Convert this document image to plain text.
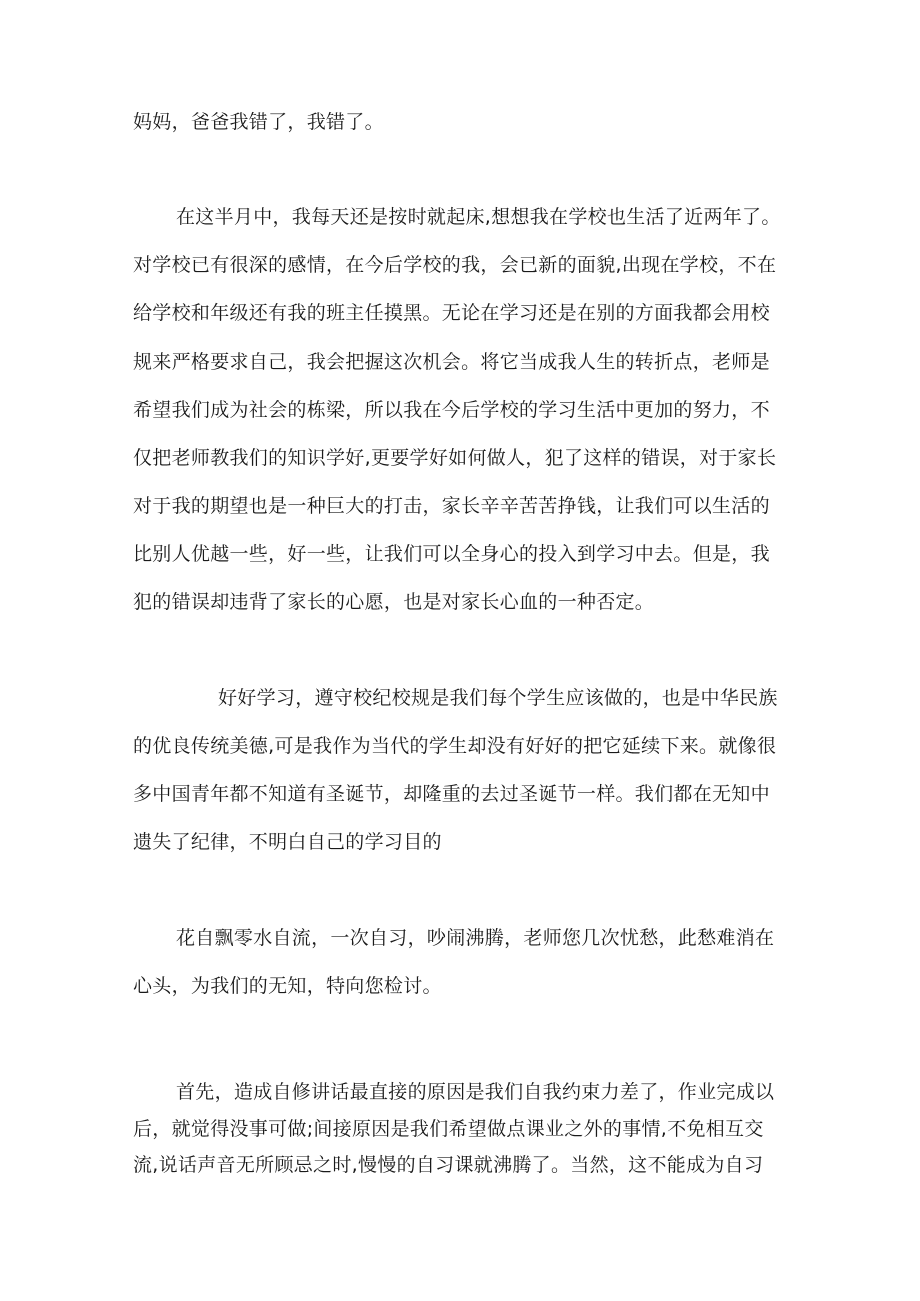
妈妈，爸爸我错了，我错了。
在这半月中，我每天还是按时就起床,想想我在学校也生活了近两年了。
对学校已有很深的感情，在今后学校的我，会已新的面貌,出现在学校，不在
给学校和年级还有我的班主任摸黑。无论在学习还是在别的方面我都会用校
规来严格要求自己，我会把握这次机会。将它当成我人生的转折点，老师是
希望我们成为社会的栋梁，所以我在今后学校的学习生活中更加的努力，不
仅把老师教我们的知识学好,更要学好如何做人，犯了这样的错误，对于家长
对于我的期望也是一种巨大的打击，家长辛辛苦苦挣钱，让我们可以生活的
比别人优越一些，好一些，让我们可以全身心的投入到学习中去。但是，我
犯的错误却违背了家长的心愿，也是对家长心血的一种否定。
好好学习，遵守校纪校规是我们每个学生应该做的，也是中华民族
的优良传统美德,可是我作为当代的学生却没有好好的把它延续下来。就像很
多中国青年都不知道有圣诞节，却隆重的去过圣诞节一样。我们都在无知中
遗失了纪律，不明白自己的学习目的
花自飘零水自流，一次自习，吵闹沸腾，老师您几次忧愁，此愁难消在
心头，为我们的无知，特向您检讨。
首先，造成自修讲话最直接的原因是我们自我约束力差了，作业完成以
后，就觉得没事可做;间接原因是我们希望做点课业之外的事情,不免相互交
流,说话声音无所顾忌之时,慢慢的自习课就沸腾了。当然，这不能成为自习
